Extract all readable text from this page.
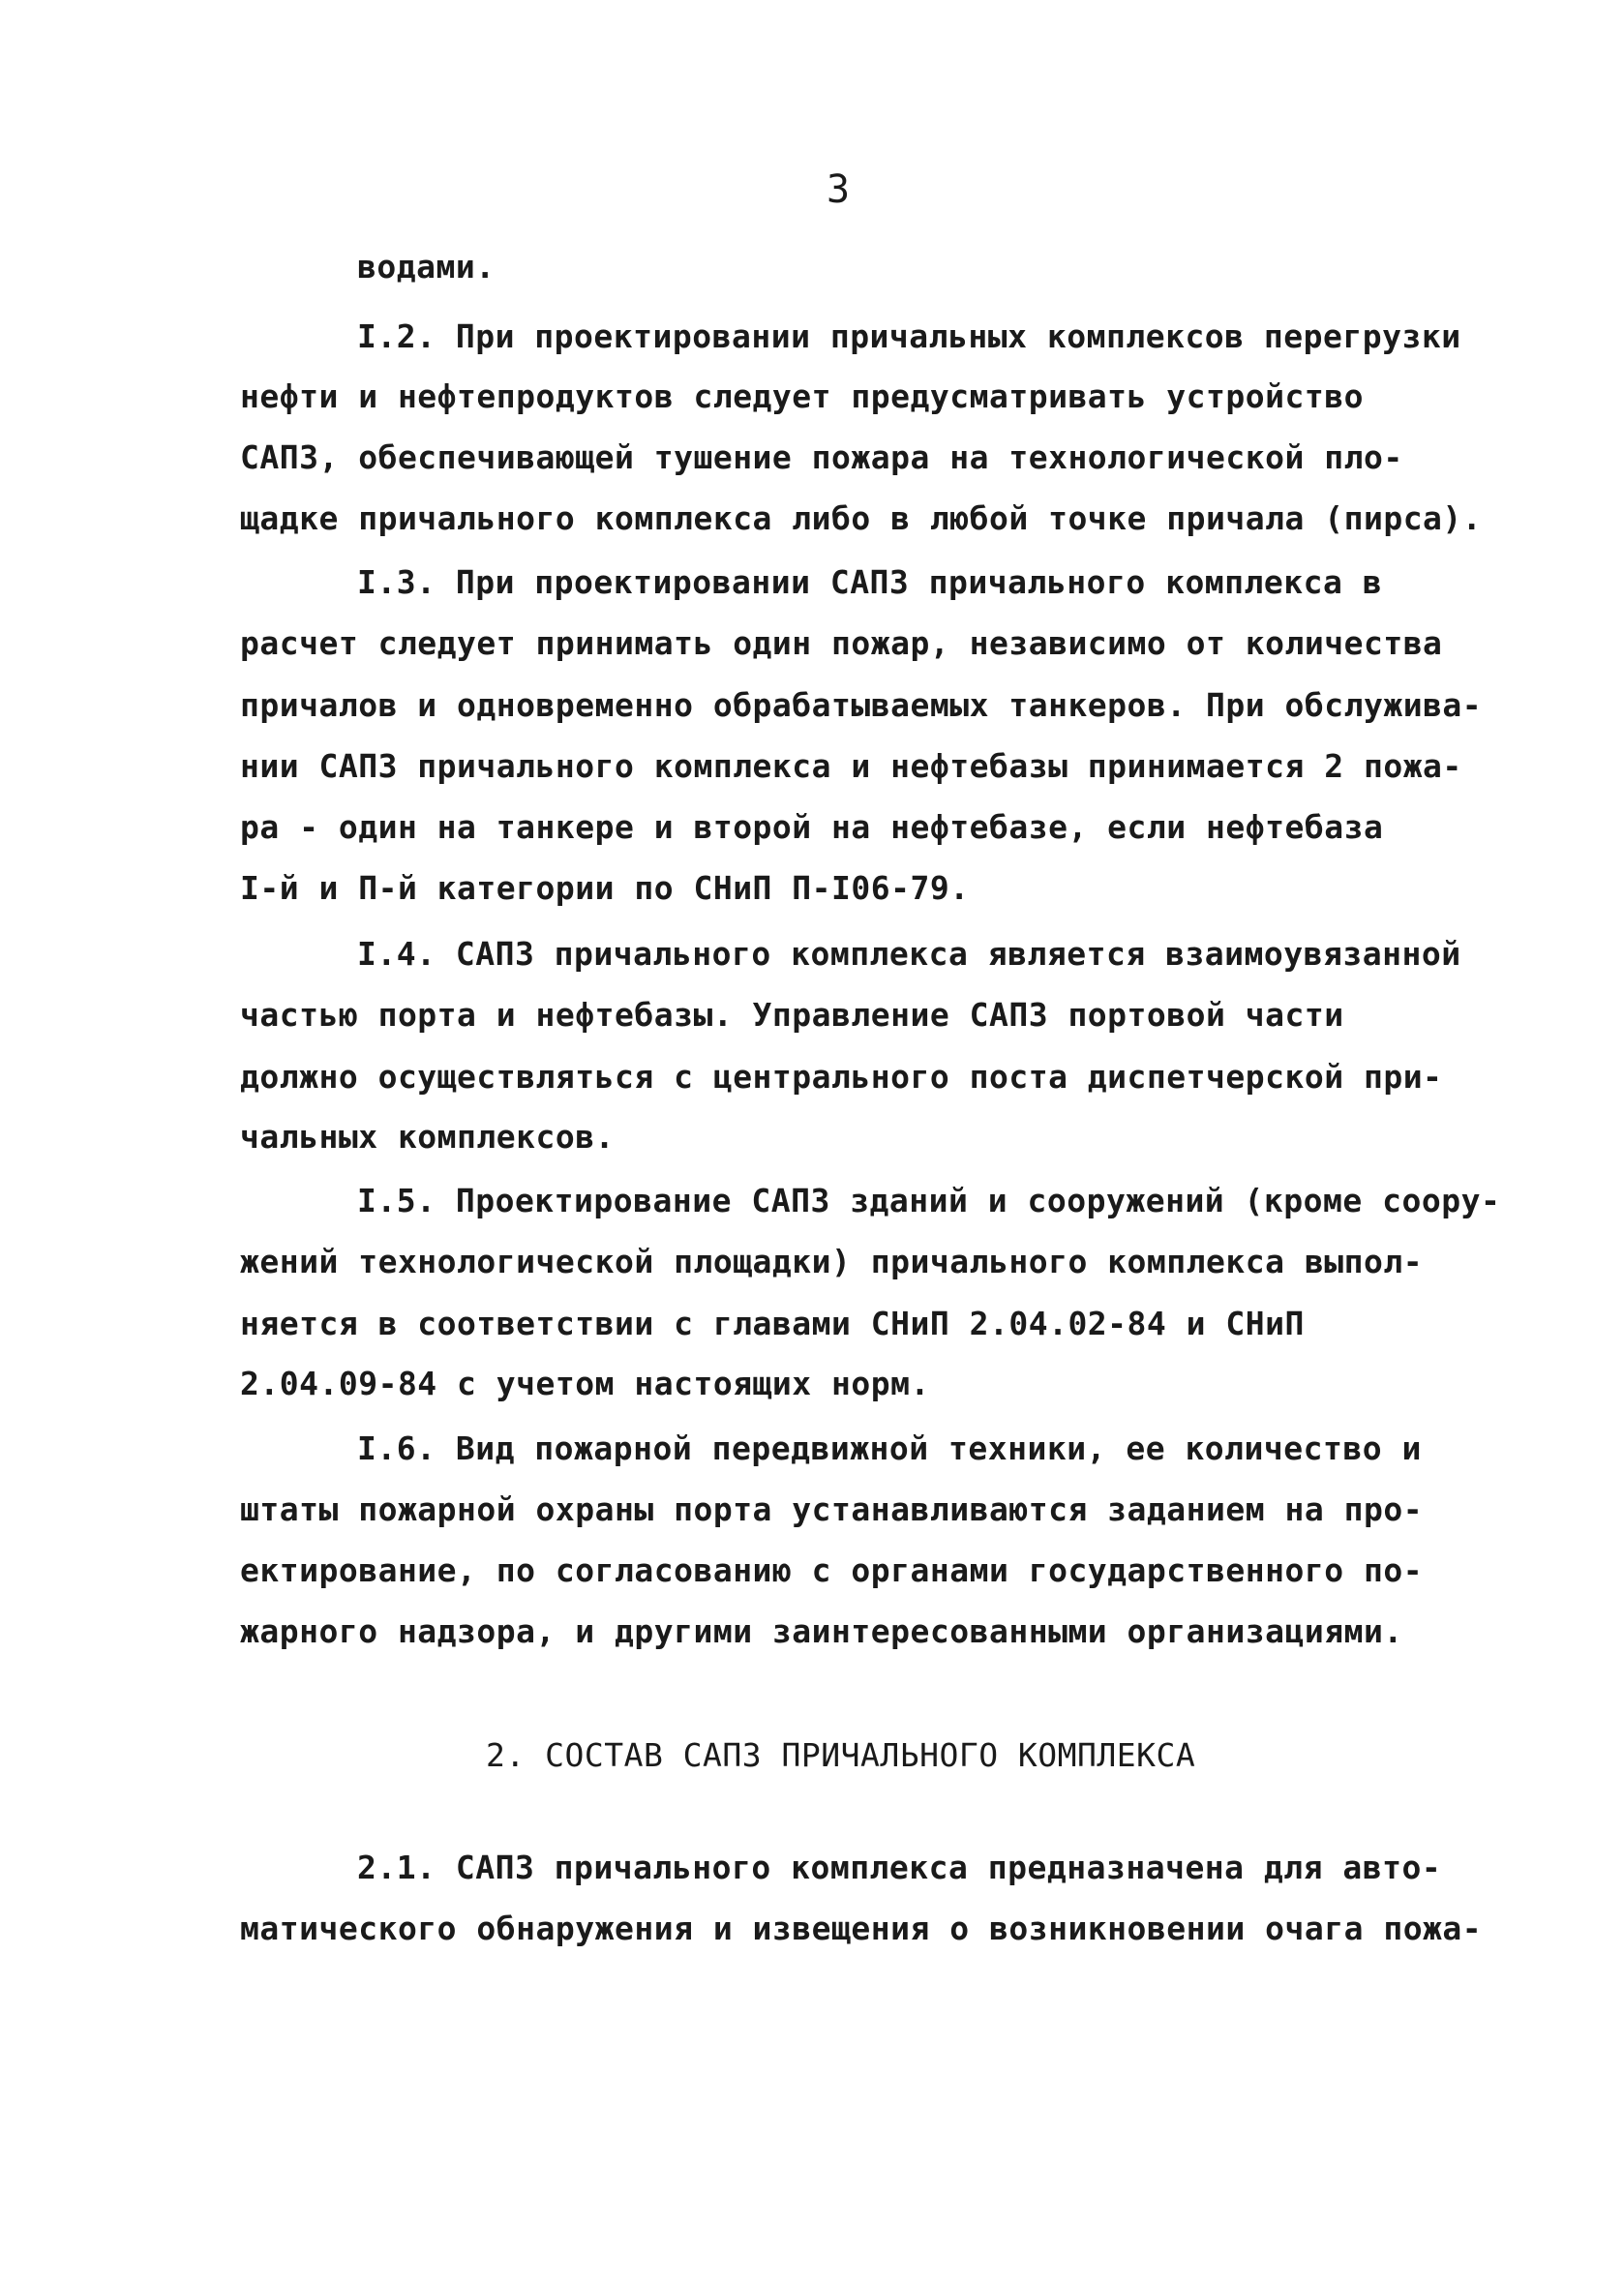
3
водами.
I.2. При проектировании причальных комплексов перегрузки
нефти и нефтепродуктов следует предусматривать устройство
САПЗ, обеспечивающей тушение пожара на технологической пло-
щадке причального комплекса либо в любой точке причала (пирса).
I.3. При проектировании САПЗ причального комплекса в
расчет следует принимать один пожар, независимо от количества
причалов и одновременно обрабатываемых танкеров. При обслужива-
нии САПЗ причального комплекса и нефтебазы принимается 2 пожа-
ра - один на танкере и второй на нефтебазе, если нефтебаза
I-й и П-й категории по СНиП П-I06-79.
I.4. САПЗ причального комплекса является взаимоувязанной
частью порта и нефтебазы. Управление САПЗ портовой части
должно осуществляться с центрального поста диспетчерской при-
чальных комплексов.
I.5. Проектирование САПЗ зданий и сооружений (кроме соору-
жений технологической площадки) причального комплекса выпол-
няется в соответствии с главами СНиП 2.04.02-84 и СНиП
2.04.09-84 с учетом настоящих норм.
I.6. Вид пожарной передвижной техники, ее количество и
штаты пожарной охраны порта устанавливаются заданием на про-
ектирование, по согласованию с органами государственного по-
жарного надзора, и другими заинтересованными организациями.
2. СОСТАВ САПЗ ПРИЧАЛЬНОГО КОМПЛЕКСА
2.1. САПЗ причального комплекса предназначена для авто-
матического обнаружения и извещения о возникновении очага пожа-
